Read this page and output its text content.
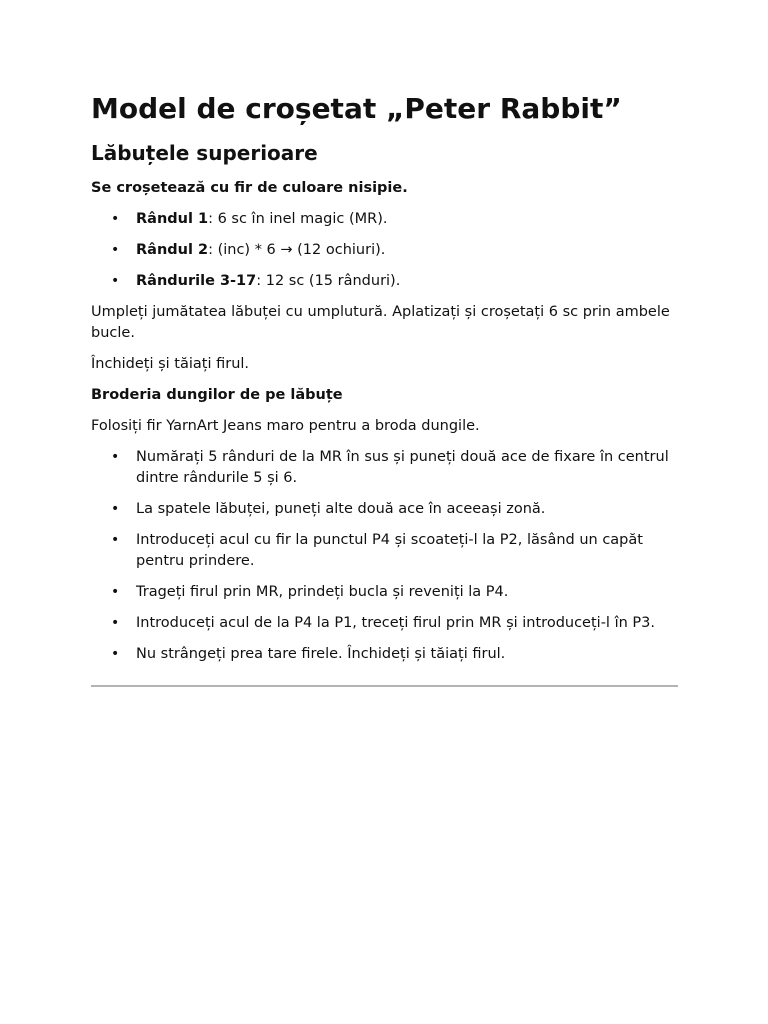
Model de croșetat „Peter Rabbit”
Lăbuțele superioare

Se croșetează cu fir de culoare nisipie.

• Rândul 1: 6 sc în inel magic (MR).
• Rândul 2: (inc) * 6 → (12 ochiuri).
• Rândurile 3-17: 12 sc (15 rânduri).

Umpleți jumătatea lăbuței cu umplutură. Aplatizați și croșetați 6 sc prin ambele bucle.

Închideți și tăiați firul.

Broderia dungilor de pe lăbuțe

Folosiți fir YarnArt Jeans maro pentru a broda dungile.

• Numărați 5 rânduri de la MR în sus și puneți două ace de fixare în centrul dintre rândurile 5 și 6.
• La spatele lăbuței, puneți alte două ace în aceeași zonă.
• Introduceți acul cu fir la punctul P4 și scoateți-l la P2, lăsând un capăt pentru prindere.
• Trageți firul prin MR, prindeți bucla și reveniți la P4.
• Introduceți acul de la P4 la P1, treceți firul prin MR și introduceți-l în P3.
• Nu strângeți prea tare firele. Închideți și tăiați firul.
